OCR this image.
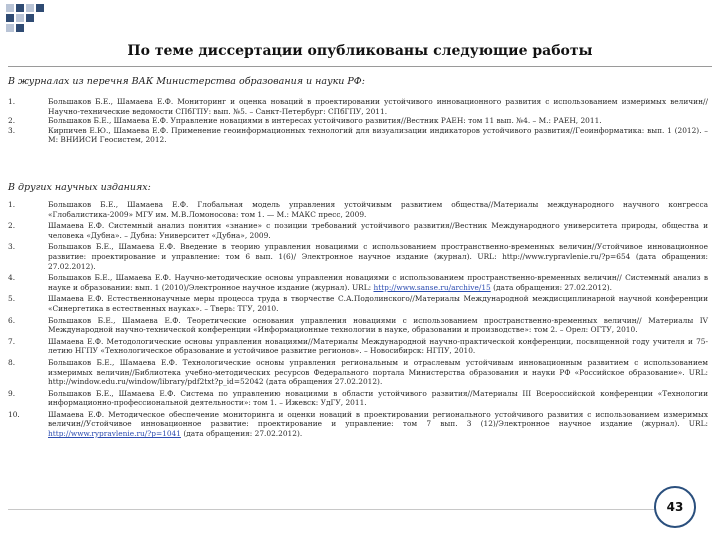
По теме диссертации опубликованы следующие работы
В журналах из перечня ВАК Министерства образования и науки РФ:
1.	Большаков Б.Е., Шамаева Е.Ф. Мониторинг и оценка новаций в проектировании устойчивого инновационного развития с использованием измеримых величин//Научно-технические ведомости СПбГПУ: вып. №5. – Санкт-Петербург: СПбГПУ, 2011.
2.	Большаков Б.Е., Шамаева Е.Ф. Управление новациями в интересах устойчивого развития//Вестник РАЕН: том 11 вып. №4. – М.: РАЕН, 2011.
3.	Кирпичев Е.Ю., Шамаева Е.Ф. Применение геоинформационных технологий для визуализации индикаторов устойчивого развития//Геоинформатика: вып. 1 (2012). – М: ВНИИСИ Геосистем, 2012.
В других научных изданиях:
1.	Большаков Б.Е., Шамаева Е.Ф. Глобальная модель управления устойчивым развитием общества//Материалы международного научного конгресса «Глобалистика-2009» МГУ им. М.В.Ломоносова: том 1. — М.: МАКС пресс, 2009.
2.	Шамаева Е.Ф. Системный анализ понятия «знание» с позиции требований устойчивого развития//Вестник Международного университета природы, общества и человека «Дубна». – Дубна: Университет «Дубна», 2009.
3.	Большаков Б.Е., Шамаева Е.Ф. Введение в теорию управления новациями с использованием пространственно-временных величин//Устойчивое инновационное развитие: проектирование и управление: том 6 вып. 1(6)/ Электронное научное издание (журнал). URL: http://www.rypravlenie.ru/?p=654 (дата обращения: 27.02.2012).
4.	Большаков Б.Е., Шамаева Е.Ф. Научно-методические основы управления новациями с использованием пространственно-временных величин// Системный анализ в науке и образовании: вып. 1 (2010)/Электронное научное издание (журнал). URL: http://www.sanse.ru/archive/15 (дата обращения: 27.02.2012).
5.	Шамаева Е.Ф. Естественнонаучные меры процесса труда в творчестве С.А.Подолинского//Материалы Международной междисциплинарной научной конференции «Синергетика в естественных науках». – Тверь: ТГУ, 2010.
6.	Большаков Б.Е., Шамаева Е.Ф. Теоретические основания управления новациями с использованием пространственно-временных величин// Материалы IV Международной научно-технической конференции «Информационные технологии в науке, образовании и производстве»: том 2. – Орел: ОГТУ, 2010.
7.	Шамаева Е.Ф. Методологические основы управления новациями//Материалы Международной научно-практической конференции, посвященной году учителя и 75-летию НГПУ «Технологическое образование и устойчивое развитие регионов». – Новосибирск: НГПУ, 2010.
8.	Большаков Б.Е., Шамаева Е.Ф. Технологические основы управления региональным и отраслевым устойчивым инновационным развитием с использованием измеримых величин//Библиотека учебно-методических ресурсов Федерального портала Министерства образования и науки РФ «Российское образование». URL: http://window.edu.ru/window/library/pdf2txt?p_id=52042 (дата обращения 27.02.2012).
9.	Большаков Б.Е., Шамаева Е.Ф. Система по управлению новациями в области устойчивого развития//Материалы III Всероссийской конференции «Технологии информационно-профессиональной деятельности»: том 1. – Ижевск: УдГУ, 2011.
10.	Шамаева Е.Ф. Методическое обеспечение мониторинга и оценки новаций в проектировании регионального устойчивого развития с использованием измеримых величин//Устойчивое инновационное развитие: проектирование и управление: том 7 вып. 3 (12)/Электронное научное издание (журнал). URL: http://www.rypravlenie.ru/?p=1041 (дата обращения: 27.02.2012).
43
